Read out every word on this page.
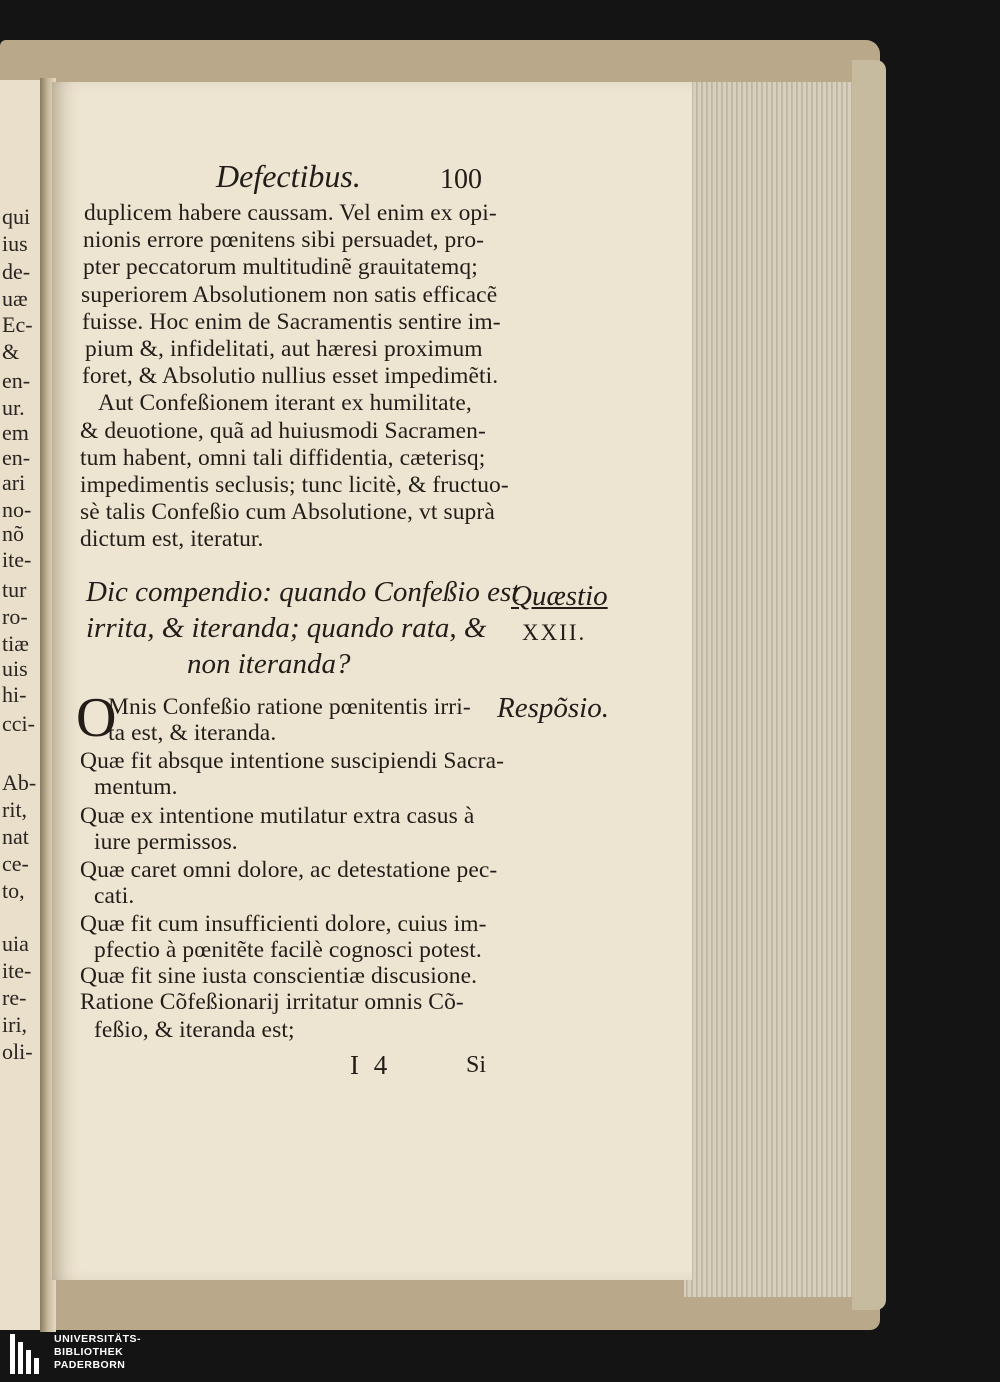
Defectibus.	100
Quæstio
XXII.
Respõsio.
O
I 4	Si
UNIVERSITÄTS-
BIBLIOTHEK
PADERBORN
qui
ius
de-
uæ
Ec-
&
en-
ur.
em
en-
ari
no-
nõ
ite-
tur
ro-
tiæ
uis
hi-
cci-
Ab-
rit,
nat
ce-
to,
uia
ite-
re-
iri,
oli-
duplicem habere caussam. Vel enim ex opi-
nionis errore pœnitens sibi persuadet, pro-
pter peccatorum multitudinẽ grauitatemq;
superiorem Absolutionem non satis efficacẽ
fuisse. Hoc enim de Sacramentis sentire im-
pium &, infidelitati, aut hæresi proximum
foret, & Absolutio nullius esset impedimẽti.
Aut Confeßionem iterant ex humilitate,
& deuotione, quã ad huiusmodi Sacramen-
tum habent, omni tali diffidentia, cæterisq;
impedimentis seclusis; tunc licitè, & fructuo-
sè talis Confeßio cum Absolutione, vt suprà
dictum est, iteratur.
Dic compendio: quando Confeßio est
irrita, & iteranda; quando rata, &
non iteranda?
Mnis Confeßio ratione pœnitentis irri-
ta est, & iteranda.
Quæ fit absque intentione suscipiendi Sacra-
mentum.
Quæ ex intentione mutilatur extra casus à
iure permissos.
Quæ caret omni dolore, ac detestatione pec-
cati.
Quæ fit cum insufficienti dolore, cuius im-
pfectio à pœnitẽte facilè cognosci potest.
Quæ fit sine iusta conscientiæ discusione.
Ratione Cõfeßionarij irritatur omnis Cõ-
feßio, & iteranda est;
